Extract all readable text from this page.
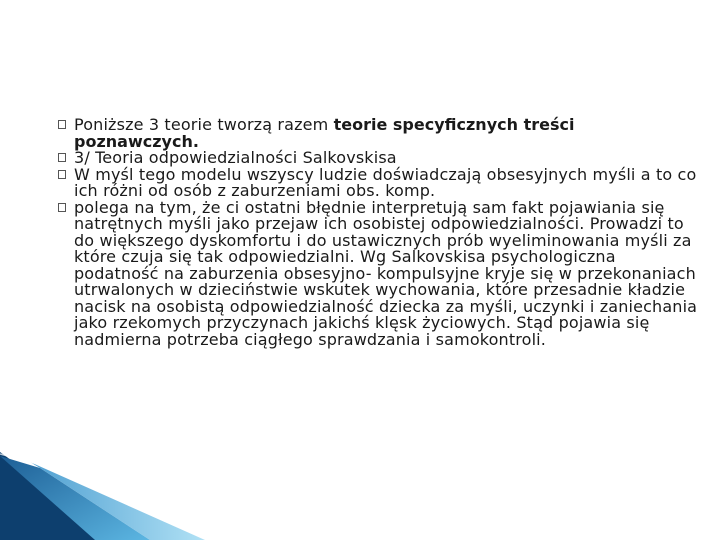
Poniższe 3 teorie tworzą razem teorie specyficznych treści poznawczych.
3/ Teoria odpowiedzialności Salkovskisa
W myśl tego modelu wszyscy ludzie doświadczają obsesyjnych myśli a to co ich różni od osób z zaburzeniami obs. komp.
polega na tym, że ci ostatni błędnie interpretują sam fakt pojawiania się natrętnych myśli jako przejaw ich osobistej odpowiedzialności. Prowadzi to do większego dyskomfortu i do ustawicznych prób wyeliminowania myśli za które czuja się tak odpowiedzialni. Wg Salkovskisa psychologiczna podatność na zaburzenia obsesyjno- kompulsyjne kryje się w przekonaniach utrwalonych w dzieciństwie wskutek wychowania, które przesadnie kładzie nacisk na osobistą odpowiedzialność dziecka za myśli, uczynki i zaniechania jako rzekomych przyczynach jakichś klęsk życiowych. Stąd pojawia się nadmierna potrzeba ciągłego sprawdzania i samokontroli.
